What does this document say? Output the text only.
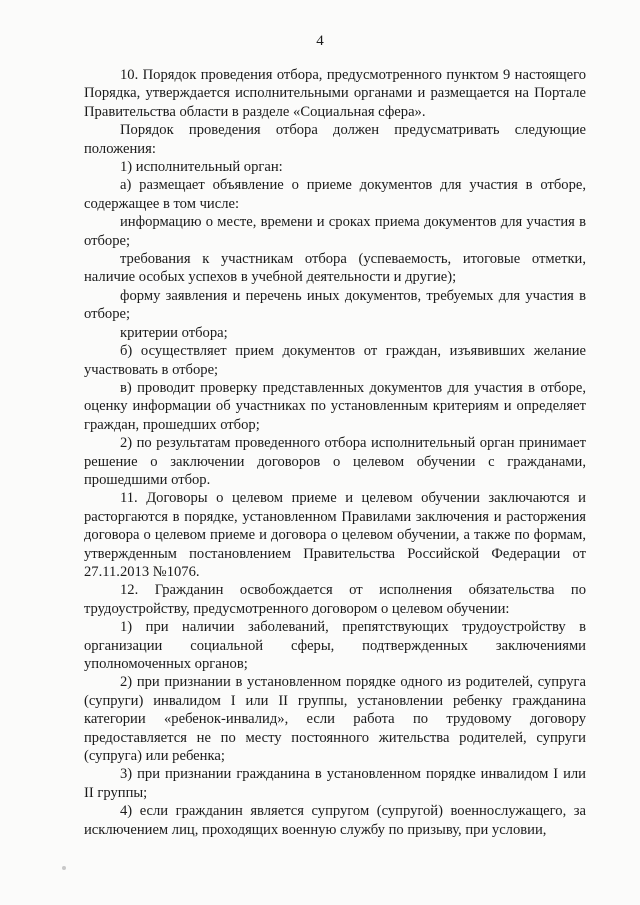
4

10. Порядок проведения отбора, предусмотренного пунктом 9 настоящего Порядка, утверждается исполнительными органами и размещается на Портале Правительства области в разделе «Социальная сфера».

Порядок проведения отбора должен предусматривать следующие положения:

1) исполнительный орган:

а) размещает объявление о приеме документов для участия в отборе, содержащее в том числе:

информацию о месте, времени и сроках приема документов для участия в отборе;

требования к участникам отбора (успеваемость, итоговые отметки, наличие особых успехов в учебной деятельности и другие);

форму заявления и перечень иных документов, требуемых для участия в отборе;

критерии отбора;

б) осуществляет прием документов от граждан, изъявивших желание участвовать в отборе;

в) проводит проверку представленных документов для участия в отборе, оценку информации об участниках по установленным критериям и определяет граждан, прошедших отбор;

2) по результатам проведенного отбора исполнительный орган принимает решение о заключении договоров о целевом обучении с гражданами, прошедшими отбор.

11. Договоры о целевом приеме и целевом обучении заключаются и расторгаются в порядке, установленном Правилами заключения и расторжения договора о целевом приеме и договора о целевом обучении, а также по формам, утвержденным постановлением Правительства Российской Федерации от 27.11.2013 №1076.

12. Гражданин освобождается от исполнения обязательства по трудоустройству, предусмотренного договором о целевом обучении:

1) при наличии заболеваний, препятствующих трудоустройству в организации социальной сферы, подтвержденных заключениями уполномоченных органов;

2) при признании в установленном порядке одного из родителей, супруга (супруги) инвалидом I или II группы, установлении ребенку гражданина категории «ребенок-инвалид», если работа по трудовому договору предоставляется не по месту постоянного жительства родителей, супруги (супруга) или ребенка;

3) при признании гражданина в установленном порядке инвалидом I или II группы;

4) если гражданин является супругом (супругой) военнослужащего, за исключением лиц, проходящих военную службу по призыву, при условии,
